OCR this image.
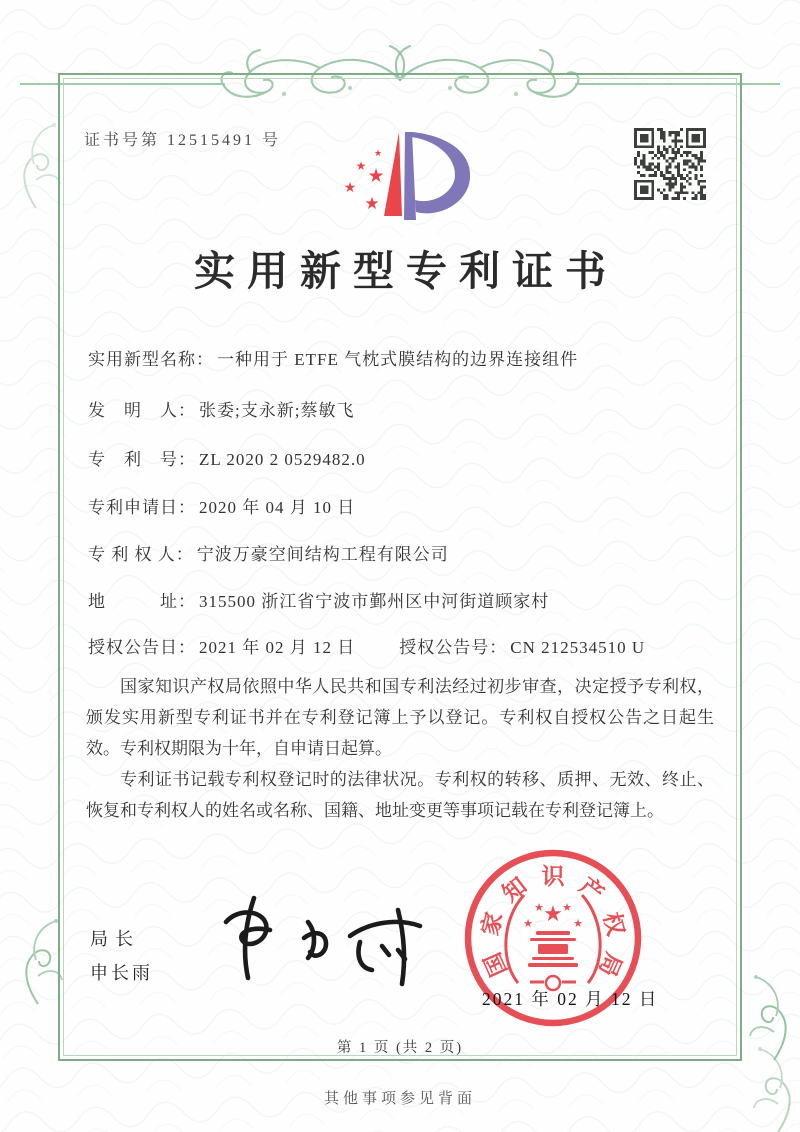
证书号第 12515491 号
★
★ ★
★
★
实用新型专利证书
实用新型名称： 一种用于 ETFE 气枕式膜结构的边界连接组件
发　明　人： 张委;支永新;蔡敏飞
专　利　号： ZL 2020 2 0529482.0
专利申请日： 2020 年 04 月 10 日
专 利 权 人： 宁波万豪空间结构工程有限公司
地　　　址： 315500 浙江省宁波市鄞州区中河街道顾家村
授权公告日： 2021 年 02 月 12 日	授权公告号： CN 212534510 U

国家知识产权局依照中华人民共和国专利法经过初步审查，决定授予专利权，颁发实用新型专利证书并在专利登记簿上予以登记。专利权自授权公告之日起生效。专利权期限为十年，自申请日起算。

专利证书记载专利权登记时的法律状况。专利权的转移、质押、无效、终止、恢复和专利权人的姓名或名称、国籍、地址变更等事项记载在专利登记簿上。

局长
申长雨	国
家
知 识 产
权
局
★
★
★ ★
★
2021 年 02 月 12 日
第 1 页 (共 2 页)
其他事项参见背面
